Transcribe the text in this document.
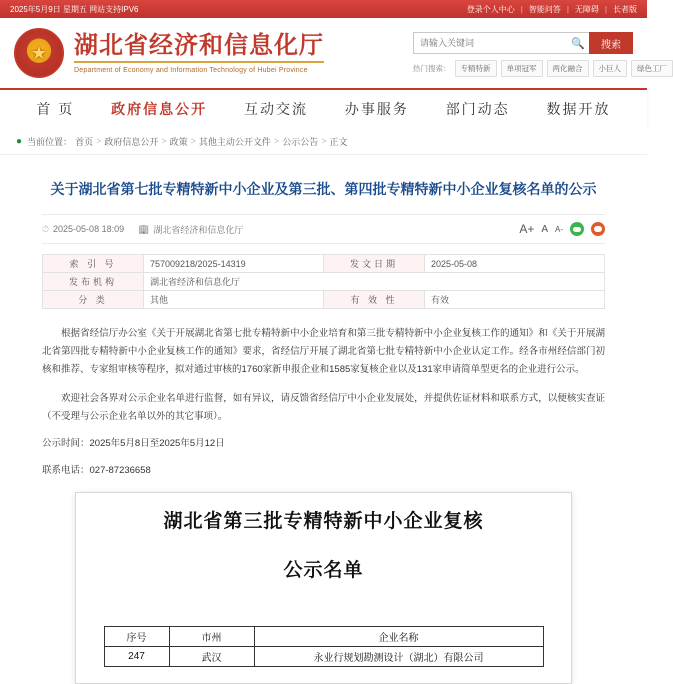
2025年5月9日 星期五 网站支持IPV6	登录个人中心 | 智能问答 | 无障碍 | 长者版
★
湖北省经济和信息化厅
Department of Economy and Information Technology of Hubei Province
请输入关键词
🔍	搜索
热门搜索：	专精特新	单项冠军	两化融合	小巨人	绿色工厂
首 页	政府信息公开	互动交流	办事服务	部门动态	数据开放
● 当前位置： 首页 > 政府信息公开 > 政策 > 其他主动公开文件 > 公示公告 > 正文
关于湖北省第七批专精特新中小企业及第三批、第四批专精特新中小企业复核名单的公示
⏱ 2025-05-08 18:09 🏢 湖北省经济和信息化厅	A+ A A-
索 引 号	757009218/2025-14319	发文日期	2025-05-08
发布机构	湖北省经济和信息化厅		
分 类	其他	有 效 性	有效

根据省经信厅办公室《关于开展湖北省第七批专精特新中小企业培育和第三批专精特新中小企业复核工作的通知》和《关于开展湖北省第四批专精特新中小企业复核工作的通知》要求，省经信厅开展了湖北省第七批专精特新中小企业认定工作。经各市州经信部门初核和推荐、专家组审核等程序，拟对通过审核的1760家新申报企业和1585家复核企业以及131家申请简单型更名的企业进行公示。

欢迎社会各界对公示企业名单进行监督，如有异议，请反馈省经信厅中小企业发展处，并提供佐证材料和联系方式，以便核实查证（不受理与公示企业名单以外的其它事项）。

公示时间：2025年5月8日至2025年5月12日

联系电话：027-87236658

湖北省第三批专精特新中小企业复核
公示名单
序号	市州	企业名称
247	武汉	永业行规划勘测设计（湖北）有限公司
